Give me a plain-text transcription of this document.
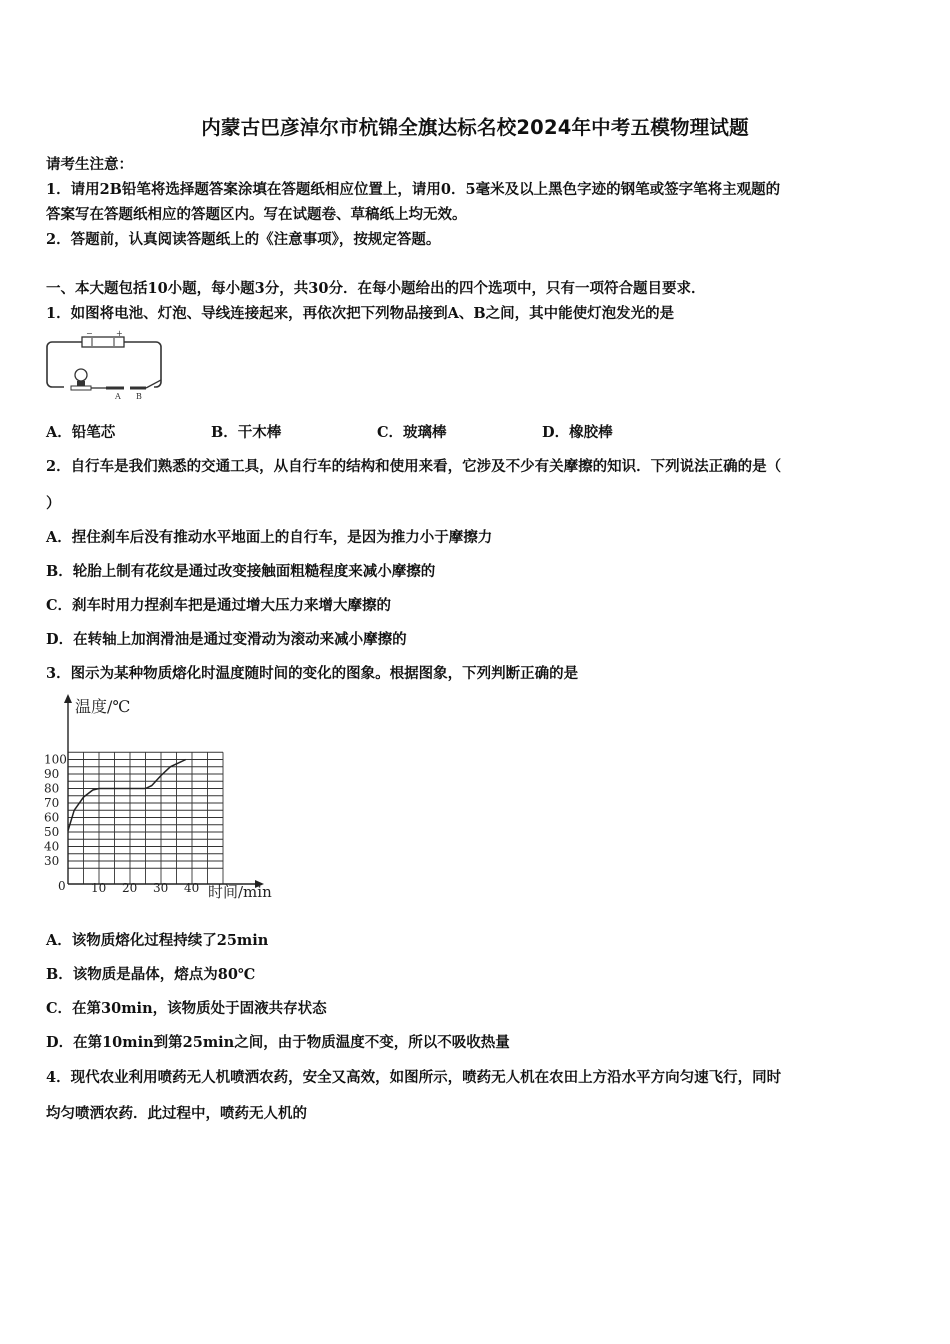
内蒙古巴彦淖尔市杭锦全旗达标名校2024年中考五模物理试题
请考生注意：
1．请用2B铅笔将选择题答案涂填在答题纸相应位置上，请用0．5毫米及以上黑色字迹的钢笔或签字笔将主观题的
答案写在答题纸相应的答题区内。写在试题卷、草稿纸上均无效。
2．答题前，认真阅读答题纸上的《注意事项》，按规定答题。
一、本大题包括10小题，每小题3分，共30分．在每小题给出的四个选项中，只有一项符合题目要求．
1．如图将电池、灯泡、导线连接起来，再依次把下列物品接到A、B之间，其中能使灯泡发光的是
−	+
A B
A．铅笔芯	B．干木棒	C．玻璃棒	D．橡胶棒
2．自行车是我们熟悉的交通工具，从自行车的结构和使用来看，它涉及不少有关摩擦的知识．下列说法正确的是（
）
A．捏住刹车后没有推动水平地面上的自行车，是因为推力小于摩擦力
B．轮胎上制有花纹是通过改变接触面粗糙程度来减小摩擦的
C．刹车时用力捏刹车把是通过增大压力来增大摩擦的
D．在转轴上加润滑油是通过变滑动为滚动来减小摩擦的
3．图示为某种物质熔化时温度随时间的变化的图象。根据图象，下列判断正确的是
温度/℃
时间/min
0 10 20 30 40
30
40
50
60
70
80
90
100
A．该物质熔化过程持续了25min
B．该物质是晶体，熔点为80℃
C．在第30min，该物质处于固液共存状态
D．在第10min到第25min之间，由于物质温度不变，所以不吸收热量
4．现代农业利用喷药无人机喷洒农药，安全又高效，如图所示，喷药无人机在农田上方沿水平方向匀速飞行，同时
均匀喷洒农药．此过程中，喷药无人机的
